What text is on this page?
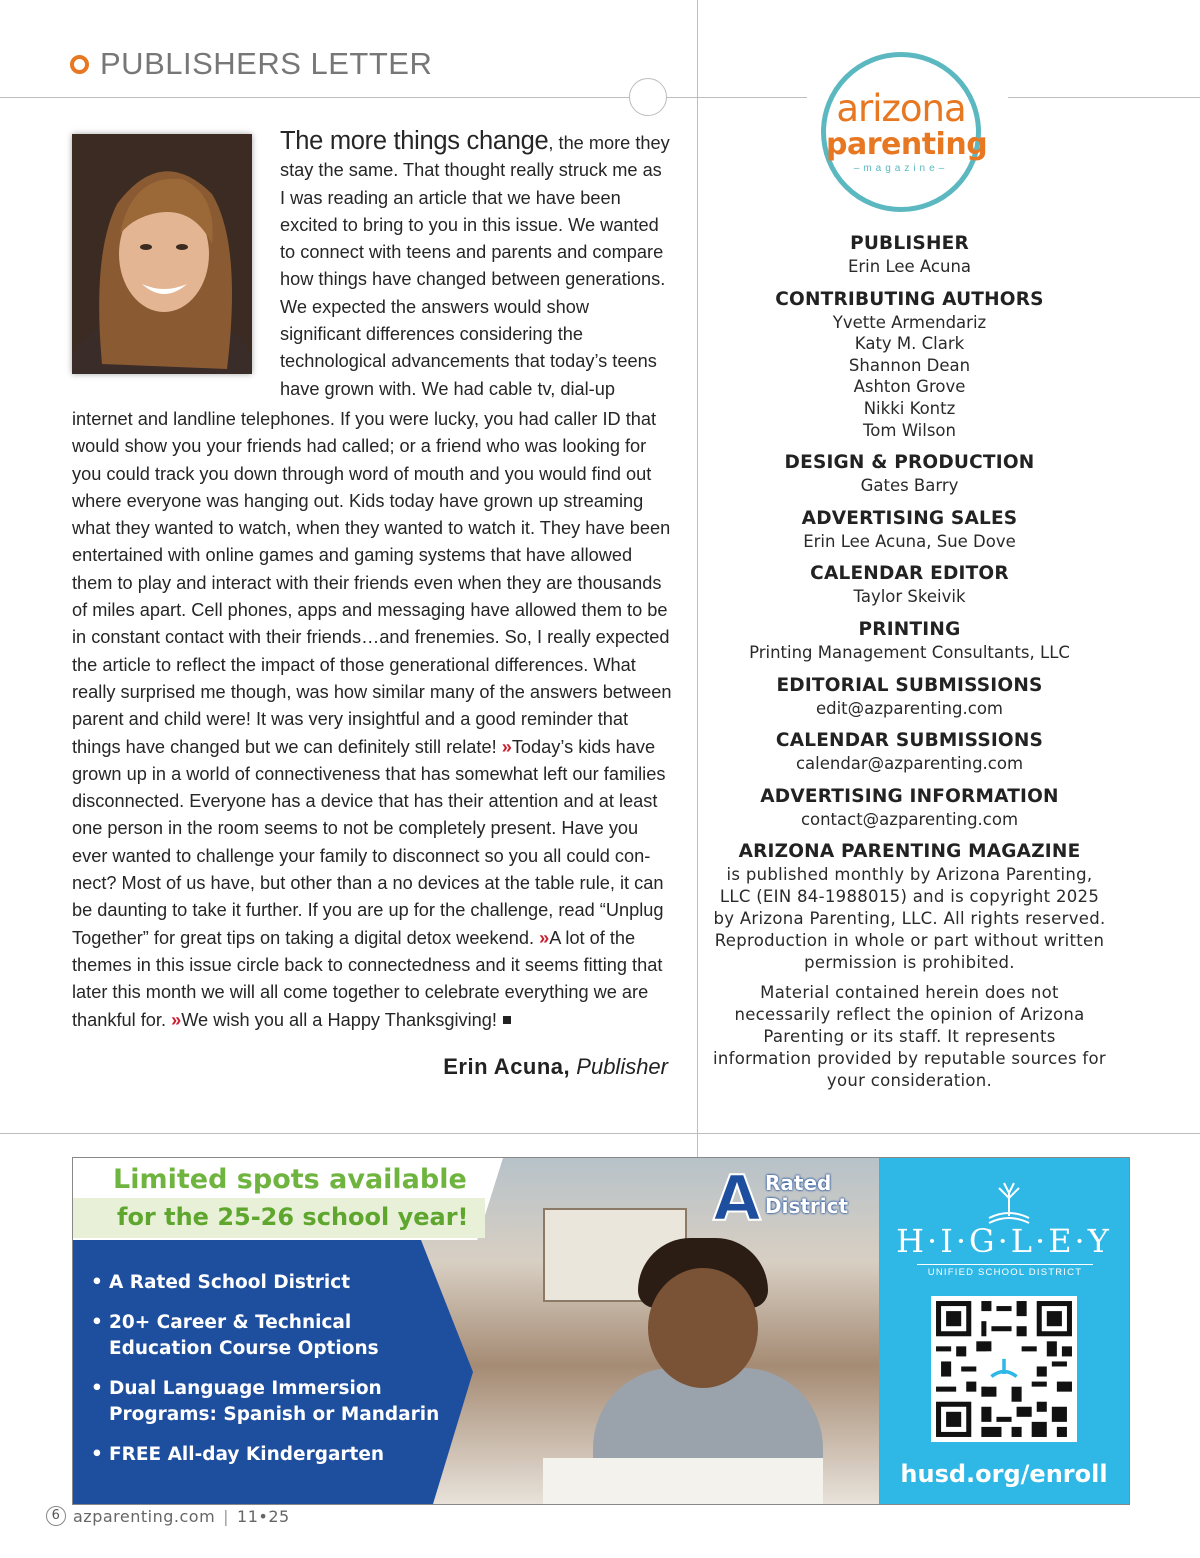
PUBLISHERS LETTER
The more things change, the more they stay the same. That thought really struck me as I was reading an article that we have been excited to bring to you in this issue. We wanted to connect with teens and parents and compare how things have changed between generations. We expected the answers would show significant differences considering the technological advancements that today’s teens have grown with. We had cable tv, dial-up
internet and landline telephones. If you were lucky, you had caller ID that would show you your friends had called; or a friend who was looking for you could track you down through word of mouth and you would find out where everyone was hanging out. Kids today have grown up streaming what they wanted to watch, when they wanted to watch it. They have been entertained with online games and gaming systems that have allowed them to play and interact with their friends even when they are thousands of miles apart. Cell phones, apps and messaging have allowed them to be in constant contact with their friends…and frenemies. So, I really expected the article to reflect the impact of those generational differences. What really surprised me though, was how similar many of the answers between parent and child were! It was very insightful and a good reminder that things have changed but we can definitely still relate! »Today’s kids have grown up in a world of connectiveness that has somewhat left our families disconnected. Everyone has a device that has their attention and at least one person in the room seems to not be completely present. Have you ever wanted to challenge your family to disconnect so you all could con-nect? Most of us have, but other than a no devices at the table rule, it can be daunting to take it further. If you are up for the challenge, read “Unplug Together” for great tips on taking a digital detox weekend. »A lot of the themes in this issue circle back to connectedness and it seems fitting that later this month we will all come together to celebrate everything we are thankful for. »We wish you all a Happy Thanksgiving!
Erin Acuna, Publisher
arizona
parenting
–magazine–
PUBLISHER
Erin Lee Acuna
CONTRIBUTING AUTHORS
Yvette Armendariz
Katy M. Clark
Shannon Dean
Ashton Grove
Nikki Kontz
Tom Wilson
DESIGN & PRODUCTION
Gates Barry
ADVERTISING SALES
Erin Lee Acuna, Sue Dove
CALENDAR EDITOR
Taylor Skeivik
PRINTING
Printing Management Consultants, LLC
EDITORIAL SUBMISSIONS
edit@azparenting.com
CALENDAR SUBMISSIONS
calendar@azparenting.com
ADVERTISING INFORMATION
contact@azparenting.com
ARIZONA PARENTING MAGAZINE
is published monthly by Arizona Parenting, LLC (EIN 84-1988015) and is copyright 2025 by Arizona Parenting, LLC. All rights reserved. Reproduction in whole or part without written permission is prohibited.
Material contained herein does not necessarily reflect the opinion of Arizona Parenting or its staff. It represents information provided by reputable sources for your consideration.
Limited spots available
for the 25-26 school year!
• A Rated School District
• 20+ Career & Technical Education Course Options
• Dual Language Immersion Programs: Spanish or Mandarin
• FREE All-day Kindergarten
A Rated
District
H·I·G·L·E·Y
UNIFIED SCHOOL DISTRICT
husd.org/enroll
6 azparenting.com | 11•25
